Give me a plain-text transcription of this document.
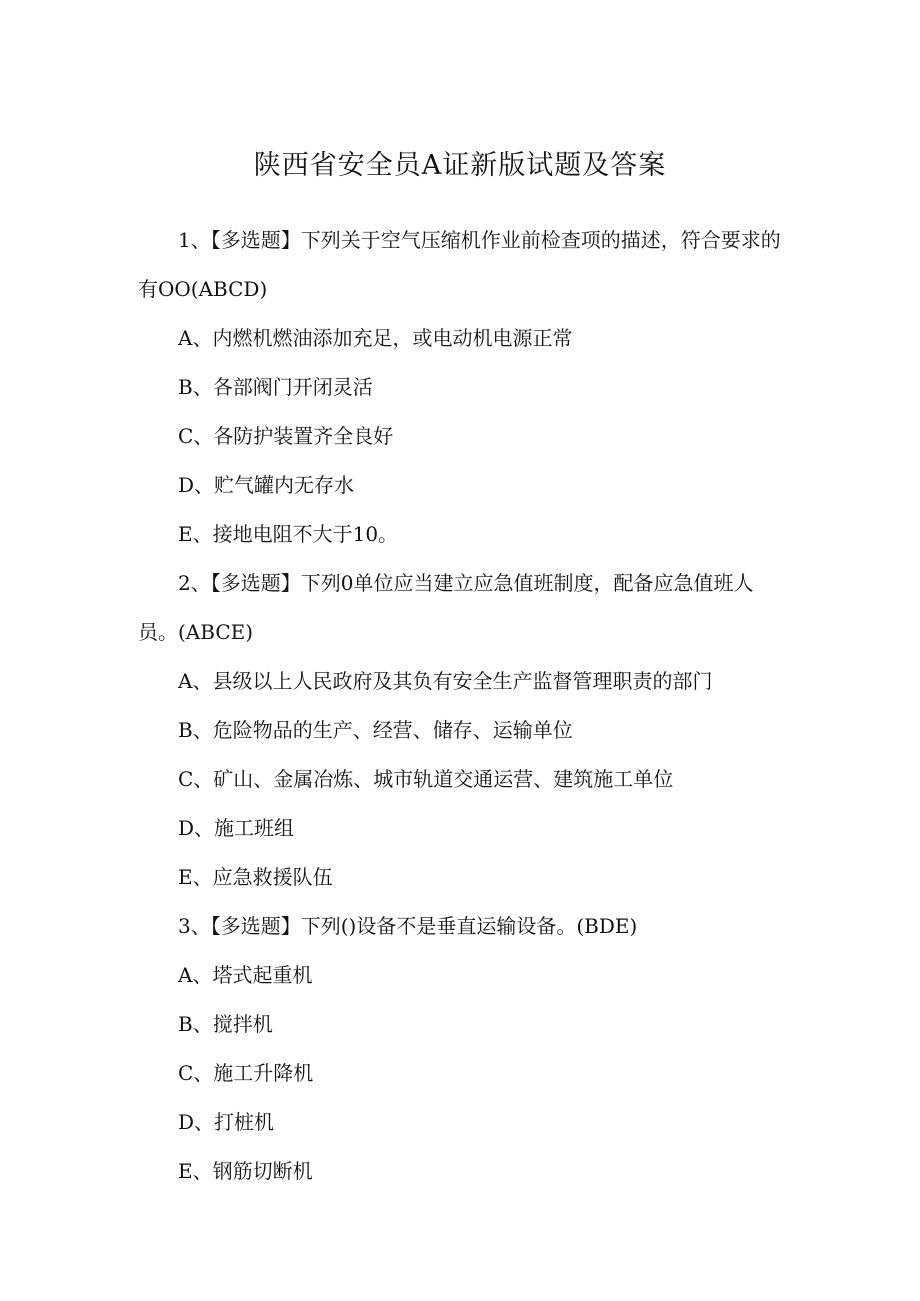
陕西省安全员A证新版试题及答案

1、【多选题】下列关于空气压缩机作业前检查项的描述，符合要求的有OO(ABCD)

A、内燃机燃油添加充足，或电动机电源正常

B、各部阀门开闭灵活

C、各防护装置齐全良好

D、贮气罐内无存水

E、接地电阻不大于10。

2、【多选题】下列0单位应当建立应急值班制度，配备应急值班人员。(ABCE)

A、县级以上人民政府及其负有安全生产监督管理职责的部门

B、危险物品的生产、经营、储存、运输单位

C、矿山、金属冶炼、城市轨道交通运营、建筑施工单位

D、施工班组

E、应急救援队伍

3、【多选题】下列()设备不是垂直运输设备。(BDE)

A、塔式起重机

B、搅拌机

C、施工升降机

D、打桩机

E、钢筋切断机
